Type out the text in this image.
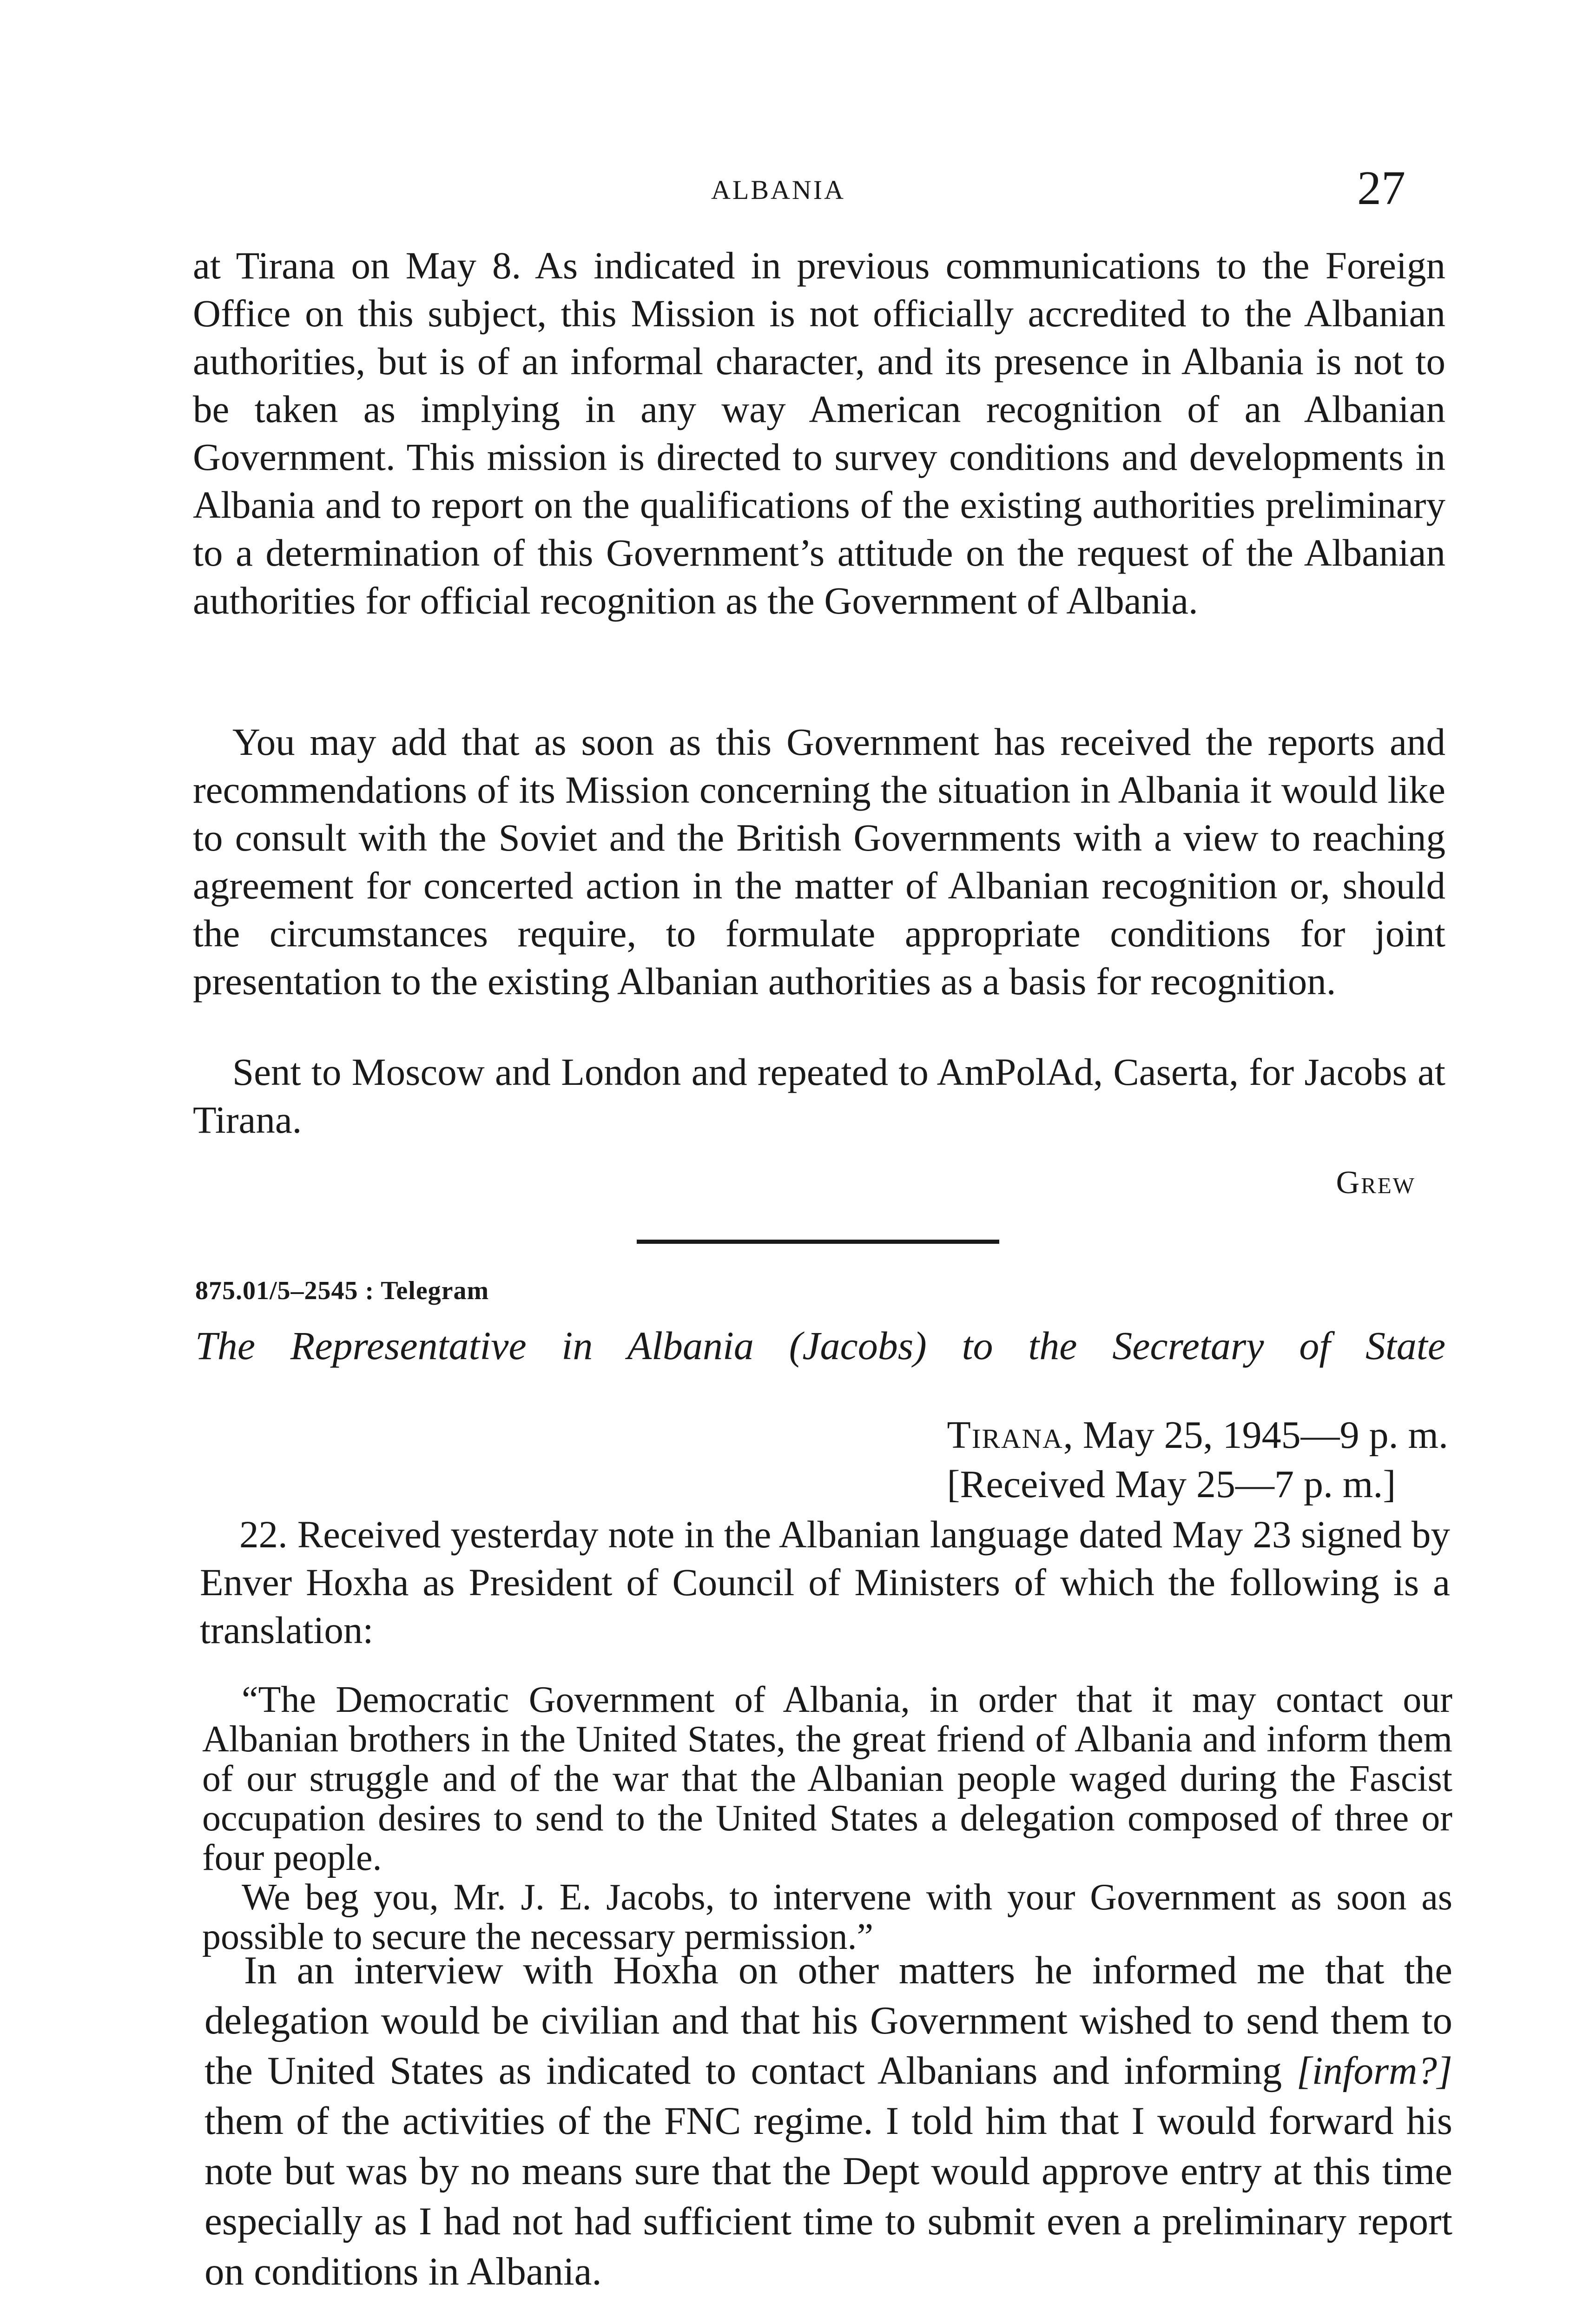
ALBANIA	27

at Tirana on May 8. As indicated in previous communications to the Foreign Office on this subject, this Mission is not officially accredited to the Albanian authorities, but is of an informal character, and its presence in Albania is not to be taken as implying in any way American recognition of an Albanian Government. This mission is directed to survey conditions and developments in Albania and to report on the qualifications of the existing authorities preliminary to a determination of this Government’s attitude on the request of the Albanian authorities for official recognition as the Government of Albania.

You may add that as soon as this Government has received the reports and recommendations of its Mission concerning the situation in Albania it would like to consult with the Soviet and the British Governments with a view to reaching agreement for concerted action in the matter of Albanian recognition or, should the circumstances require, to formulate appropriate conditions for joint presentation to the existing Albanian authorities as a basis for recognition.

Sent to Moscow and London and repeated to AmPolAd, Caserta, for Jacobs at Tirana.

Grew
875.01/5–2545 : Telegram
The Representative in Albania (Jacobs) to the Secretary of State
Tirana, May 25, 1945—9 p. m.
[Received May 25—7 p. m.]

22. Received yesterday note in the Albanian language dated May 23 signed by Enver Hoxha as President of Council of Ministers of which the following is a translation:

“The Democratic Government of Albania, in order that it may contact our Albanian brothers in the United States, the great friend of Albania and inform them of our struggle and of the war that the Albanian people waged during the Fascist occupation desires to send to the United States a delegation composed of three or four people.

We beg you, Mr. J. E. Jacobs, to intervene with your Government as soon as possible to secure the necessary permission.”

In an interview with Hoxha on other matters he informed me that the delegation would be civilian and that his Government wished to send them to the United States as indicated to contact Albanians and informing [inform?] them of the activities of the FNC regime. I told him that I would forward his note but was by no means sure that the Dept would approve entry at this time especially as I had not had sufficient time to submit even a preliminary report on conditions in Albania.
